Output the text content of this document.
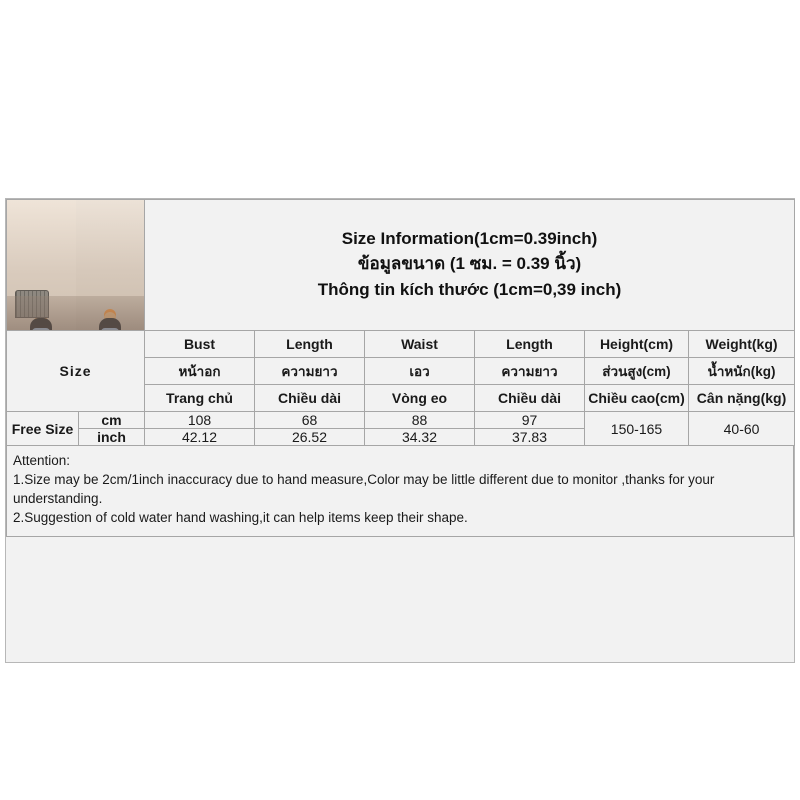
		Size Information(1cm=0.39inch)
ข้อมูลขนาด (1 ซม. = 0.39 นิ้ว)
Thông tin kích thước (1cm=0,39 inch)					

Size		Bust	Length	Waist	Length	Height(cm)	Weight(kg)
		หน้าอก	ความยาว	เอว	ความยาว	ส่วนสูง(cm)	น้ำหนัก(kg)
		Trang chủ	Chiều dài	Vòng eo	Chiều dài	Chiều cao(cm)	Cân nặng(kg)
Free Size	cm	108	68	88	97	150-165	40-60
	inch	42.12	26.52	34.32	37.83		
Attention:
1.Size may be 2cm/1inch inaccuracy due to hand measure,Color may be little different due to monitor ,thanks for your understanding.
2.Suggestion of cold water hand washing,it can help items keep their shape.
